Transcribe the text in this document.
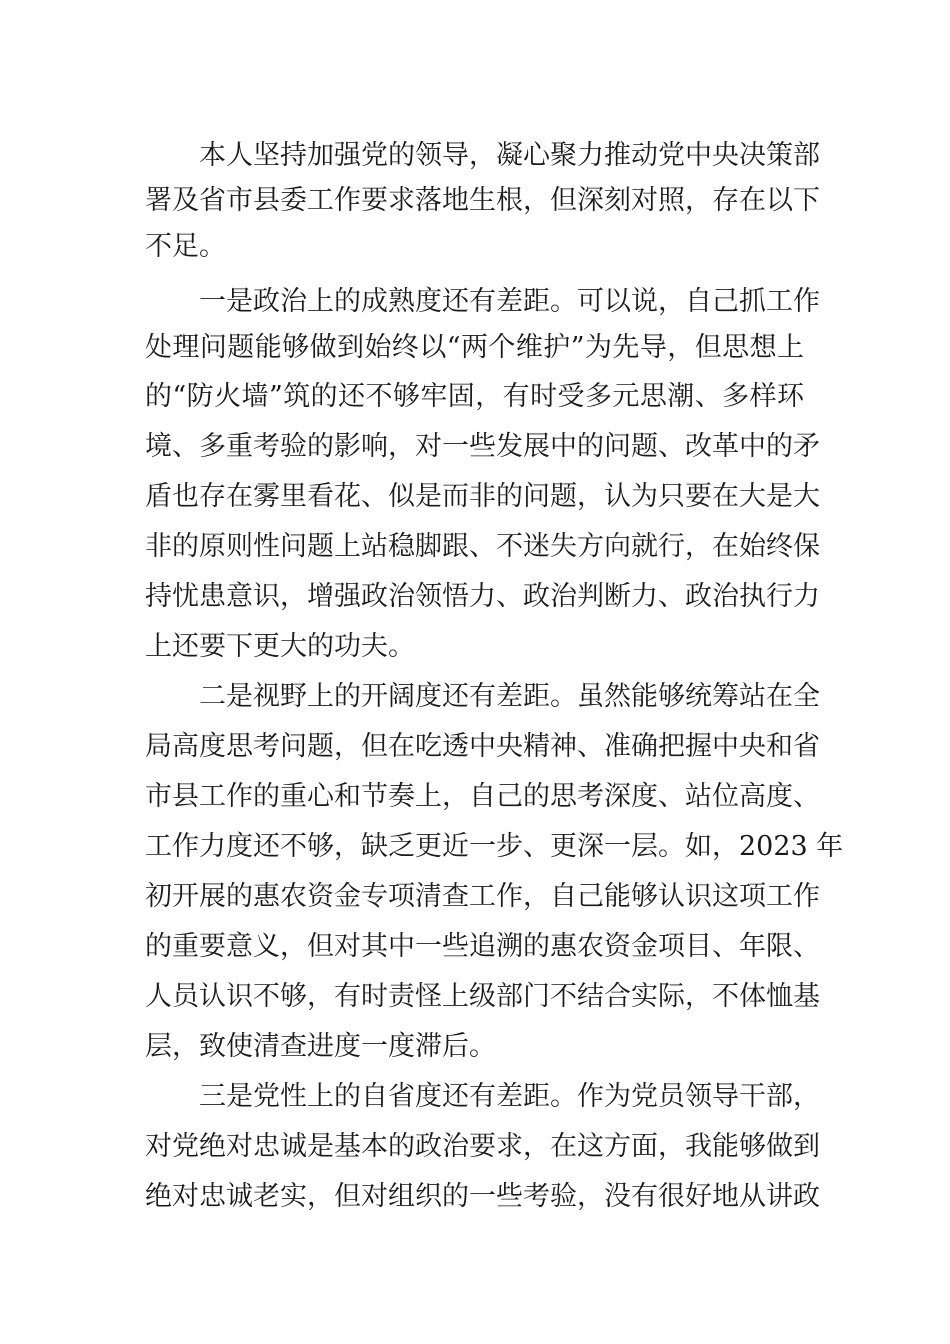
本人坚持加强党的领导，凝心聚力推动党中央决策部

署及省市县委工作要求落地生根，但深刻对照，存在以下

不足。

一是政治上的成熟度还有差距。可以说，自己抓工作

处理问题能够做到始终以“两个维护”为先导，但思想上

的“防火墙”筑的还不够牢固，有时受多元思潮、多样环

境、多重考验的影响，对一些发展中的问题、改革中的矛

盾也存在雾里看花、似是而非的问题，认为只要在大是大

非的原则性问题上站稳脚跟、不迷失方向就行，在始终保

持忧患意识，增强政治领悟力、政治判断力、政治执行力

上还要下更大的功夫。

二是视野上的开阔度还有差距。虽然能够统筹站在全

局高度思考问题，但在吃透中央精神、准确把握中央和省

市县工作的重心和节奏上，自己的思考深度、站位高度、

工作力度还不够，缺乏更近一步、更深一层。如，2023 年

初开展的惠农资金专项清查工作，自己能够认识这项工作

的重要意义，但对其中一些追溯的惠农资金项目、年限、

人员认识不够，有时责怪上级部门不结合实际，不体恤基

层，致使清查进度一度滞后。

三是党性上的自省度还有差距。作为党员领导干部，

对党绝对忠诚是基本的政治要求，在这方面，我能够做到

绝对忠诚老实，但对组织的一些考验，没有很好地从讲政
